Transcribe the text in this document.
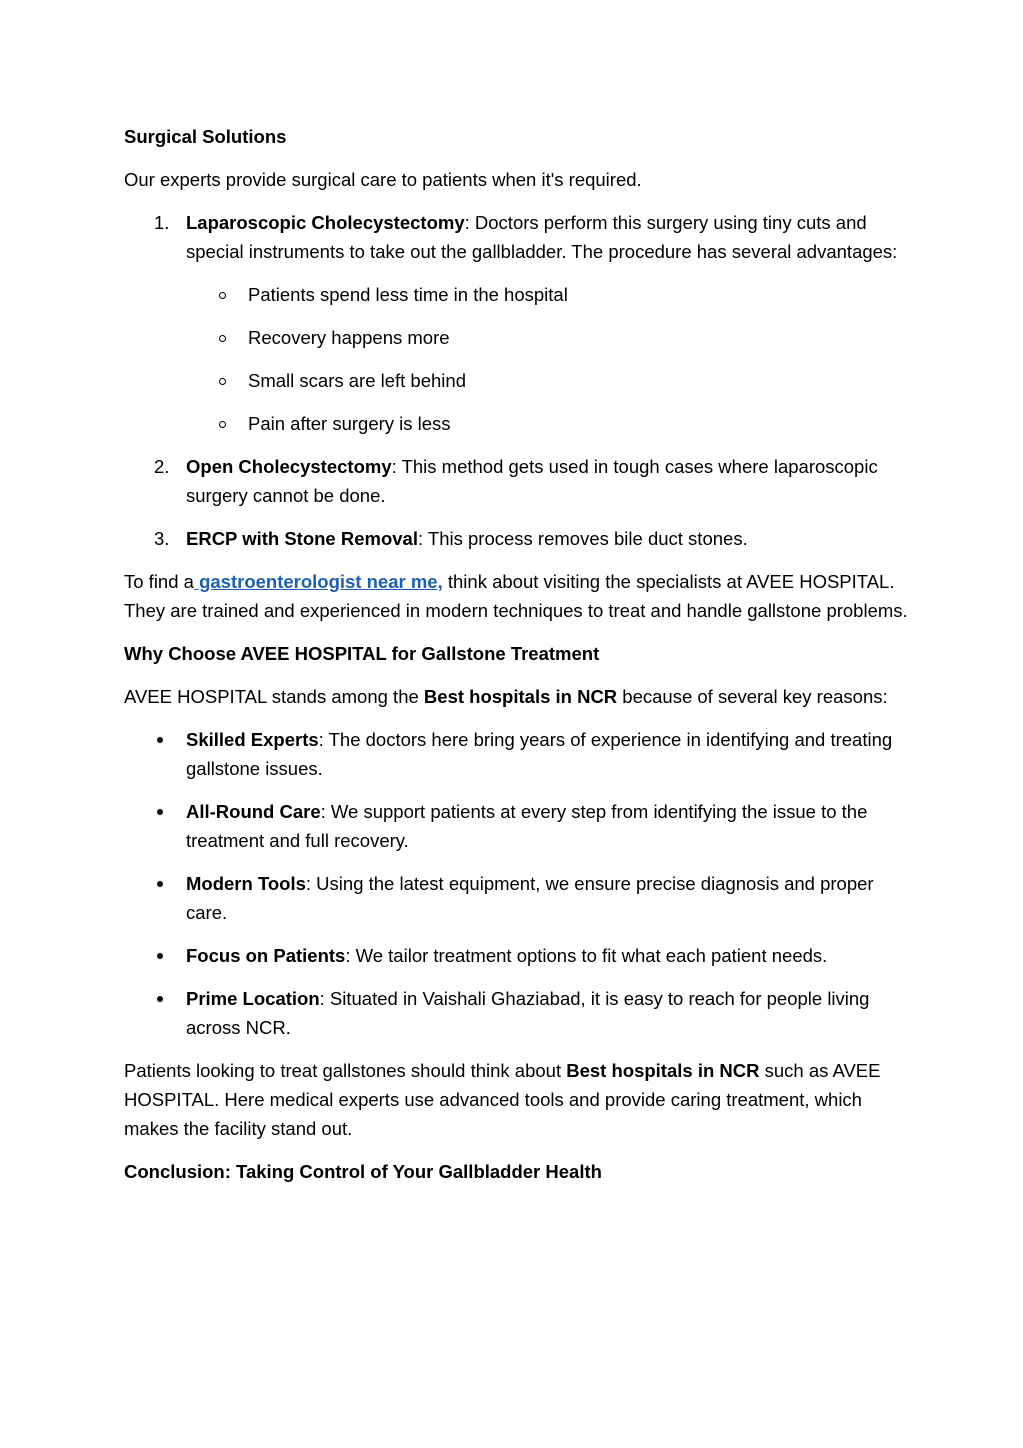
Surgical Solutions

Our experts provide surgical care to patients when it's required.

1. Laparoscopic Cholecystectomy: Doctors perform this surgery using tiny cuts and special instruments to take out the gallbladder. The procedure has several advantages:
Patients spend less time in the hospital
Recovery happens more
Small scars are left behind
Pain after surgery is less
2. Open Cholecystectomy: This method gets used in tough cases where laparoscopic surgery cannot be done.
3. ERCP with Stone Removal: This process removes bile duct stones.

To find a gastroenterologist near me, think about visiting the specialists at AVEE HOSPITAL. They are trained and experienced in modern techniques to treat and handle gallstone problems.

Why Choose AVEE HOSPITAL for Gallstone Treatment

AVEE HOSPITAL stands among the Best hospitals in NCR because of several key reasons:

Skilled Experts: The doctors here bring years of experience in identifying and treating gallstone issues.
All-Round Care: We support patients at every step from identifying the issue to the treatment and full recovery.
Modern Tools: Using the latest equipment, we ensure precise diagnosis and proper care.
Focus on Patients: We tailor treatment options to fit what each patient needs.
Prime Location: Situated in Vaishali Ghaziabad, it is easy to reach for people living across NCR.

Patients looking to treat gallstones should think about Best hospitals in NCR such as AVEE HOSPITAL. Here medical experts use advanced tools and provide caring treatment, which makes the facility stand out.

Conclusion: Taking Control of Your Gallbladder Health
